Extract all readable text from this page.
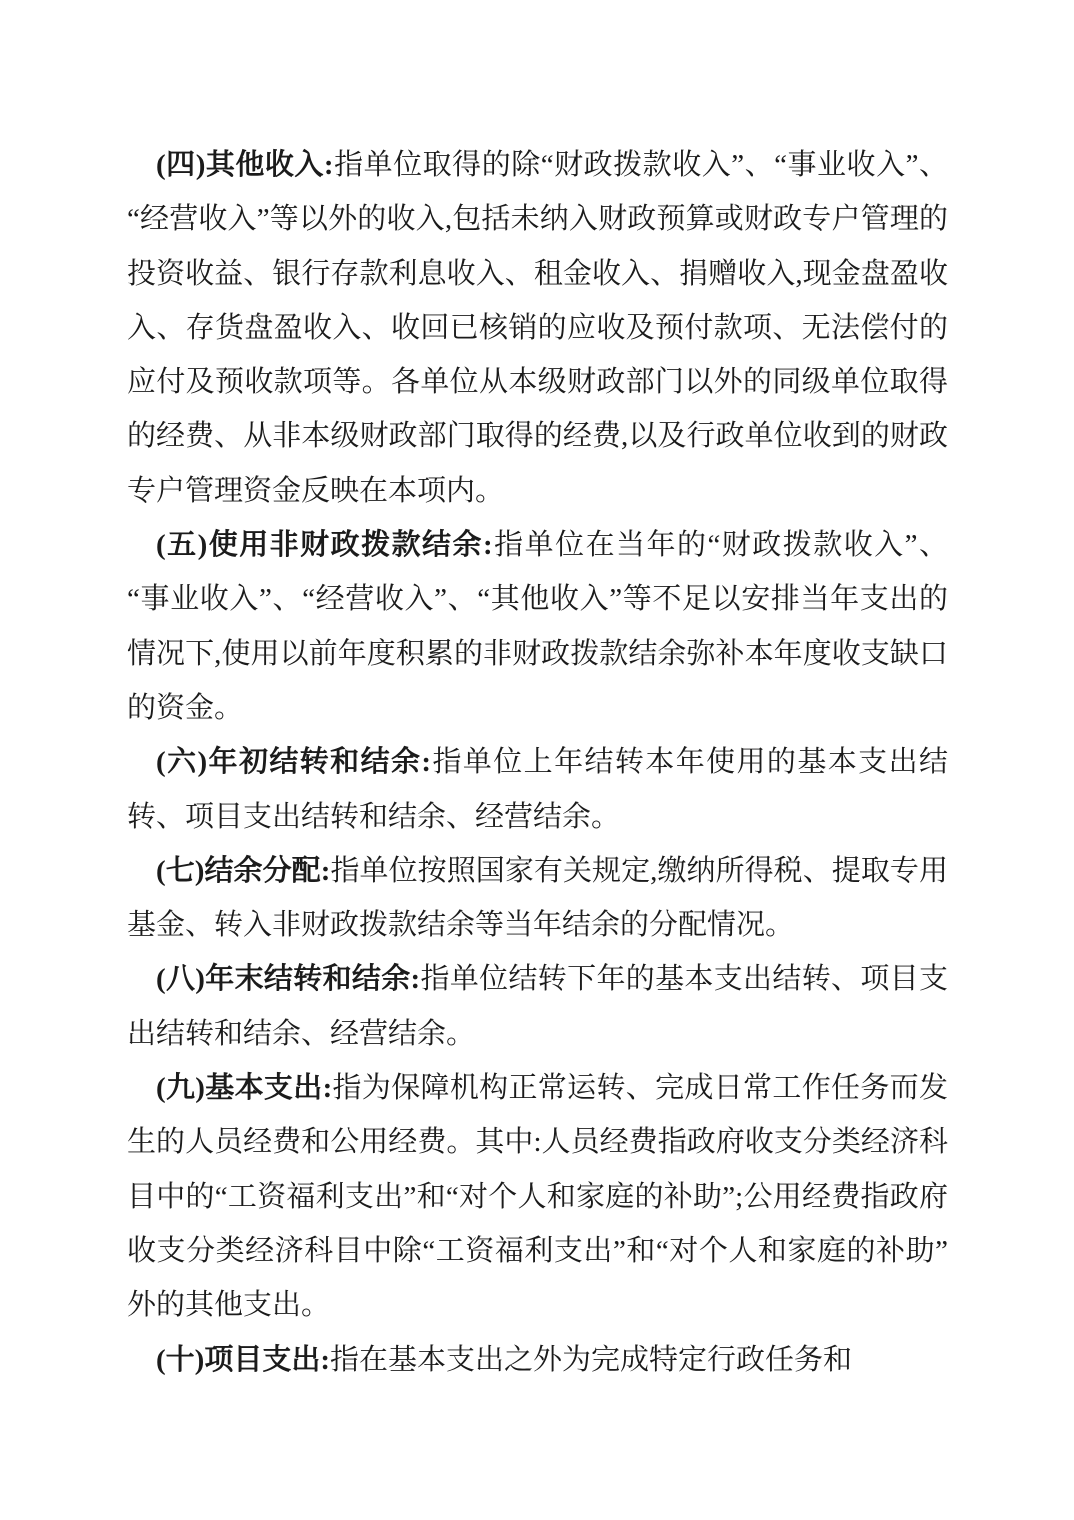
(四)其他收入:指单位取得的除“财政拨款收入”、“事业收入”、“经营收入”等以外的收入,包括未纳入财政预算或财政专户管理的投资收益、银行存款利息收入、租金收入、捐赠收入,现金盘盈收入、存货盘盈收入、收回已核销的应收及预付款项、无法偿付的应付及预收款项等。各单位从本级财政部门以外的同级单位取得的经费、从非本级财政部门取得的经费,以及行政单位收到的财政专户管理资金反映在本项内。

(五)使用非财政拨款结余:指单位在当年的“财政拨款收入”、“事业收入”、“经营收入”、“其他收入”等不足以安排当年支出的情况下,使用以前年度积累的非财政拨款结余弥补本年度收支缺口的资金。

(六)年初结转和结余:指单位上年结转本年使用的基本支出结转、项目支出结转和结余、经营结余。

(七)结余分配:指单位按照国家有关规定,缴纳所得税、提取专用基金、转入非财政拨款结余等当年结余的分配情况。

(八)年末结转和结余:指单位结转下年的基本支出结转、项目支出结转和结余、经营结余。

(九)基本支出:指为保障机构正常运转、完成日常工作任务而发生的人员经费和公用经费。其中:人员经费指政府收支分类经济科目中的“工资福利支出”和“对个人和家庭的补助”;公用经费指政府收支分类经济科目中除“工资福利支出”和“对个人和家庭的补助”外的其他支出。

(十)项目支出:指在基本支出之外为完成特定行政任务和
